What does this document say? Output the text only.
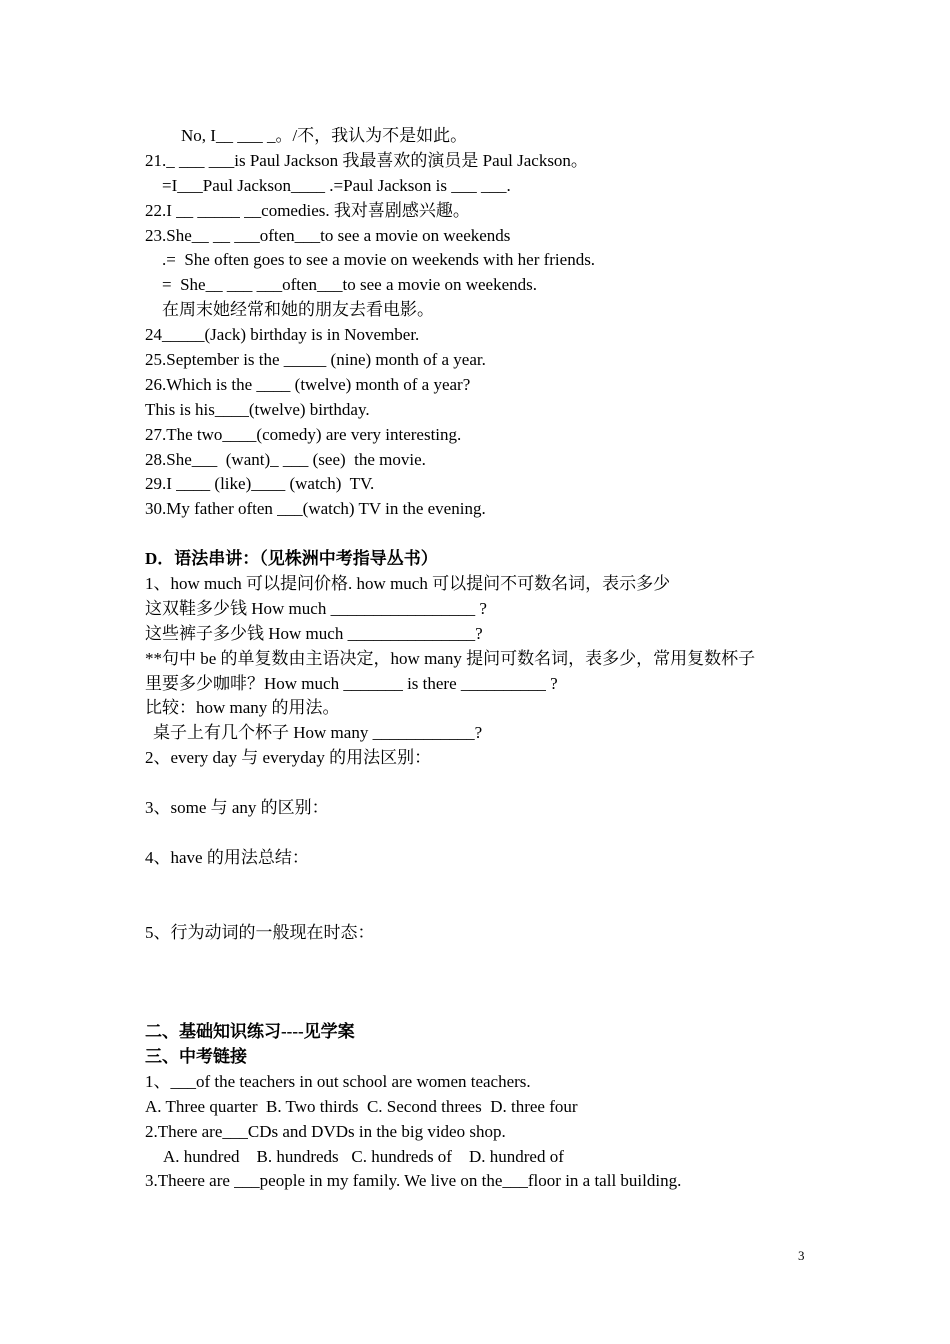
No, I__ ___ _。/不，我认为不是如此。
21._ ___ ___is Paul Jackson 我最喜欢的演员是 Paul Jackson。
=I___Paul Jackson____ .=Paul Jackson is ___ ___.
22.I __ _____ __comedies. 我对喜剧感兴趣。
23.She__ __ ___often___to see a movie on weekends
.=  She often goes to see a movie on weekends with her friends.
=  She__ ___ ___often___to see a movie on weekends.
在周末她经常和她的朋友去看电影。
24_____(Jack) birthday is in November.
25.September is the _____ (nine) month of a year.
26.Which is the ____ (twelve) month of a year?
This is his____(twelve) birthday.
27.The two____(comedy) are very interesting.
28.She___  (want)_ ___ (see)  the movie.
29.I ____ (like)____ (watch)  TV.
30.My father often ___(watch) TV in the evening.
D．语法串讲：（见株洲中考指导丛书）
1、how much 可以提问价格. how much 可以提问不可数名词，表示多少
这双鞋多少钱 How much _________________ ?
这些裤子多少钱 How much _______________?
**句中 be 的单复数由主语决定，how many 提问可数名词，表多少，常用复数杯子
里要多少咖啡？How much _______ is there __________ ?
比较：how many 的用法。
桌子上有几个杯子 How many ____________?
2、every day 与 everyday 的用法区别：
3、some 与 any 的区别：
4、have 的用法总结：
5、行为动词的一般现在时态：
二、基础知识练习----见学案
三、中考链接
1、___of the teachers in out school are women teachers.
A. Three quarter  B. Two thirds  C. Second threes  D. three four
2.There are___CDs and DVDs in the big video shop.
A. hundred    B. hundreds   C. hundreds of    D. hundred of
3.Theere are ___people in my family. We live on the___floor in a tall building.
3
